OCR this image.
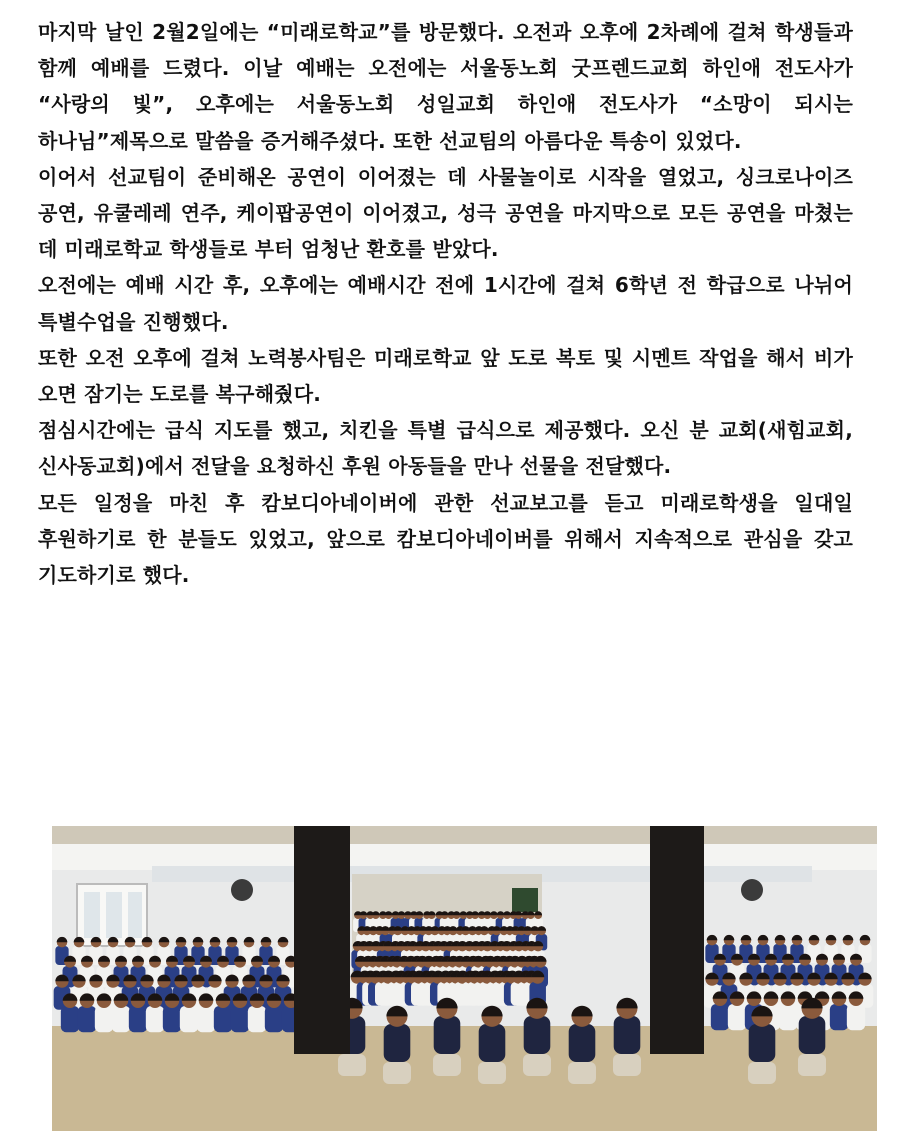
마지막 날인 2월2일에는 “미래로학교”를 방문했다. 오전과 오후에 2차례에 걸쳐 학생들과 함께 예배를 드렸다. 이날 예배는 오전에는 서울동노회 굿프렌드교회 하인애 전도사가 “사랑의 빛”, 오후에는 서울동노회 성일교회 하인애 전도사가 “소망이 되시는 하나님”제목으로 말씀을 증거해주셨다. 또한 선교팀의 아름다운 특송이 있었다.

이어서 선교팀이 준비해온 공연이 이어졌는 데 사물놀이로 시작을 열었고, 싱크로나이즈 공연, 유쿨레레 연주, 케이팝공연이 이어졌고, 성극 공연을 마지막으로 모든 공연을 마쳤는 데 미래로학교 학생들로 부터 엄청난 환호를 받았다.

오전에는 예배 시간 후, 오후에는 예배시간 전에 1시간에 걸쳐 6학년 전 학급으로 나뉘어 특별수업을 진행했다.

또한 오전 오후에 걸쳐 노력봉사팀은 미래로학교 앞 도로 복토 및 시멘트 작업을 해서 비가 오면 잠기는 도로를 복구해줬다.

점심시간에는 급식 지도를 했고, 치킨을 특별 급식으로 제공했다. 오신 분 교회(새힘교회, 신사동교회)에서 전달을 요청하신 후원 아동들을 만나 선물을 전달했다.

모든 일정을 마친 후 캄보디아네이버에 관한 선교보고를 듣고 미래로학생을 일대일 후원하기로 한 분들도 있었고, 앞으로 캄보디아네이버를 위해서 지속적으로 관심을 갖고 기도하기로 했다.
